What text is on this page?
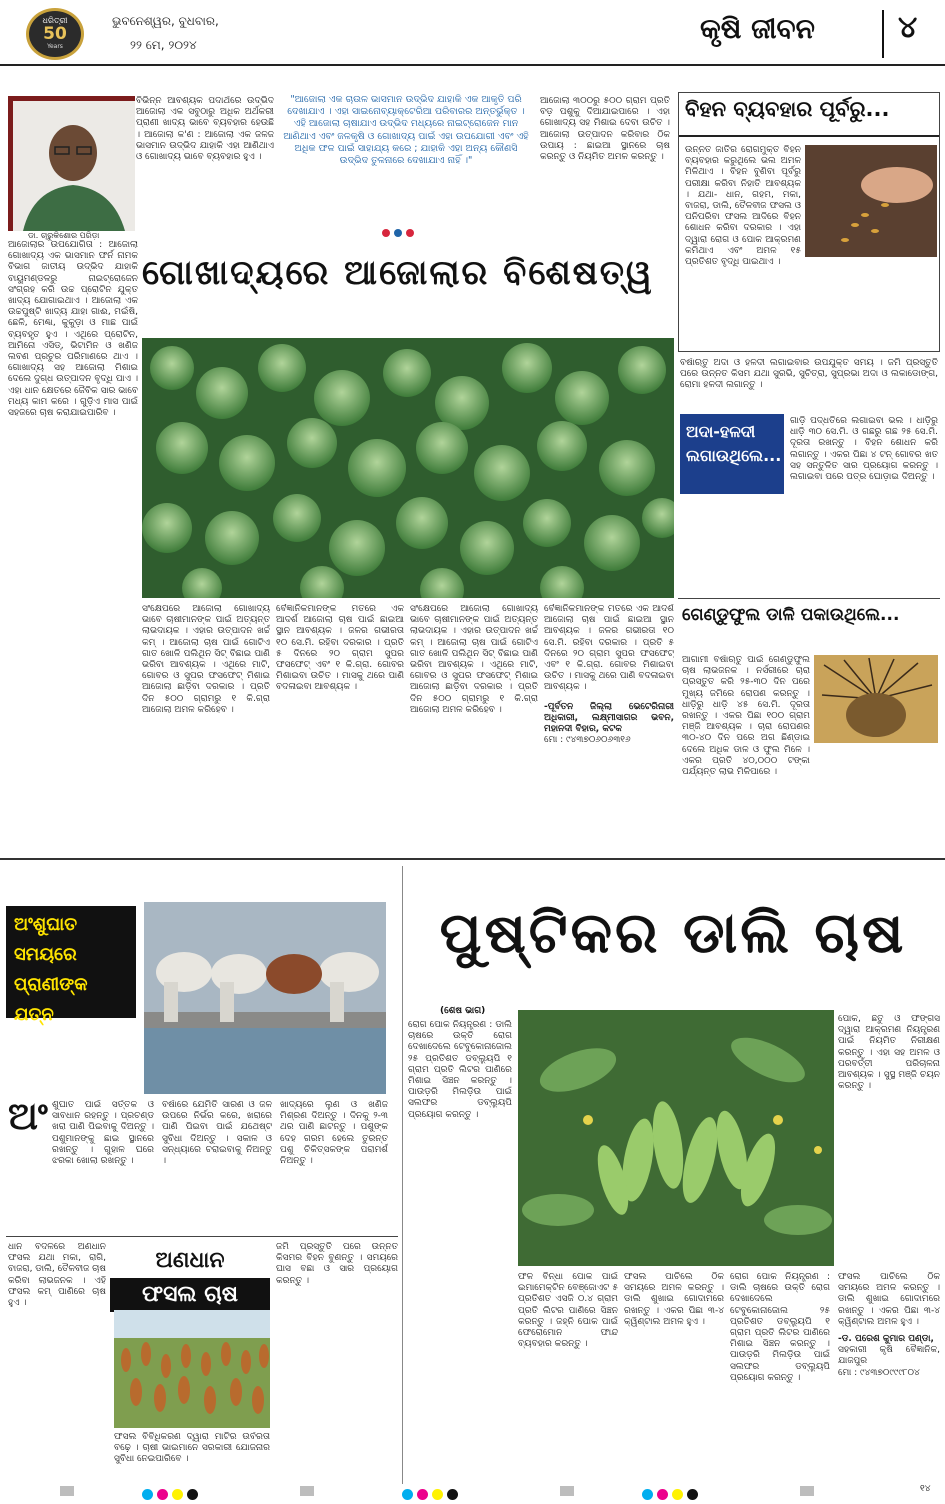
ଧରିତ୍ରୀ
50
Years
ଭୁବନେଶ୍ୱର, ବୁଧବାର,
୨୨ ମେ, ୨୦୨୪	କୃଷି ଜୀବନ	୪
ଡା. ଚାରୁକିଶୋର ପରିଡ଼ା
ବିଭିନ୍ନ ଆବଶ୍ୟକ ପଦାର୍ଥରେ ଉଦ୍ଭିଦ ଆଜୋଲା ଏକ ସବୁଠାରୁ ଅଧିକ ଅର୍ଥକରୀ ପ୍ରାଣୀ ଖାଦ୍ୟ ଭାବେ ବ୍ୟବହାର ହେଉଛି । ଆଜୋଲା କ'ଣ : ଆଜୋଲା ଏକ ଜଳଜ ଭାସମାନ ଉଦ୍ଭିଦ ଯାହାକି ଏହା ଆଣିଥାଏ ଓ ଗୋଖାଦ୍ୟ ଭାବେ ବ୍ୟବହାର ହୁଏ ।
"ଆଜୋଲା ଏକ ଚାଉଳ ଭାସମାନ ଉଦ୍ଭିଦ ଯାହାକି ଏକ ଆକୃତି ପରି ଦେଖାଯାଏ । ଏହା ସାଇନୋବ୍ୟାକ୍ଟେରିଆ ପରିବାରର ଅନ୍ତର୍ଭୁକ୍ତ । ଏହି ଆଜୋଲା ଚାଷାଯାଏ ଉଦ୍ଭିଦ ମଧ୍ୟରେ ନାଇଟ୍ରୋଜେନ ମାନ ଆଣିଥାଏ ଏବଂ ଜଳକୃଷି ଓ ଗୋଖାଦ୍ୟ ପାଇଁ ଏହା ଉପଯୋଗୀ ଏବଂ ଏହି ଅଧିକ ଫଳ ପାଇଁ ସାହାଯ୍ୟ କରେ ; ଯାହାକି ଏହା ଅନ୍ୟ କୌଣସି ଉଦ୍ଭିଦ ତୁଳନାରେ ଦେଖାଯାଏ ନାହିଁ ।"
ଆଜୋଲା ୩୦୦ରୁ ୫୦୦ ଗ୍ରାମ ପ୍ରତି ବଡ଼ ପଶୁକୁ ଦିଆଯାଇପାରେ । ଏହା ଗୋଖାଦ୍ୟ ସହ ମିଶାଇ ଦେବା ଉଚିତ । ଆଜୋଲା ଉତ୍ପାଦନ କରିବାର ଠିକ ଉପାୟ : ଛାଇଆ ସ୍ଥାନରେ ଚାଷ କରନ୍ତୁ ଓ ନିୟମିତ ଅମଳ କରନ୍ତୁ ।
ଗୋଖାଦ୍ୟରେ ଆଜୋଲାର ବିଶେଷତ୍ୱ
ଆଜୋଲାର ଉପଯୋଗିତା : ଆଜୋଲା ଗୋଖାଦ୍ୟ ଏକ ଭାସମାନ ଫର୍ନ ନାମକ ବିଭାଗ ଜାତୀୟ ଉଦ୍ଭିଦ ଯାହାକି ବାୟୁମଣ୍ଡଳରୁ ନାଇଟ୍ରୋଜେନ ସଂଗ୍ରହ କରି ଉଚ୍ଚ ପ୍ରୋଟିନ ଯୁକ୍ତ ଖାଦ୍ୟ ଯୋଗାଇଥାଏ । ଆଜୋଲା ଏକ ଉଚ୍ଚପୁଷ୍ଟି ଖାଦ୍ୟ ଯାହା ଗାଈ, ମଇଁଷି, ଛେଳି, ମେଣ୍ଢା, କୁକୁଡ଼ା ଓ ମାଛ ପାଇଁ ବ୍ୟବହୃତ ହୁଏ । ଏଥିରେ ପ୍ରୋଟିନ, ଆମିନୋ ଏସିଡ୍, ଭିଟାମିନ ଓ ଖଣିଜ ଲବଣ ପ୍ରଚୁର ପରିମାଣରେ ଥାଏ । ଗୋଖାଦ୍ୟ ସହ ଆଜୋଲା ମିଶାଇ ଦେଲେ ଦୁଗ୍ଧ ଉତ୍ପାଦନ ବୃଦ୍ଧି ପାଏ । ଏହା ଧାନ କ୍ଷେତରେ ଜୈବିକ ସାର ଭାବେ ମଧ୍ୟ କାମ କରେ । ଗୁଡ଼ିଏ ମାସ ପାଇଁ ସହଜରେ ଚାଷ କରାଯାଇପାରିବ ।
ସଂକ୍ଷେପରେ ଆଜୋଲା ଗୋଖାଦ୍ୟ ଭାବେ ଚାଷୀମାନଙ୍କ ପାଇଁ ଅତ୍ୟନ୍ତ ଲାଭଦାୟକ । ଏହାର ଉତ୍ପାଦନ ଖର୍ଚ୍ଚ କମ୍ । ଆଜୋଲା ଚାଷ ପାଇଁ ଗୋଟିଏ ଗାତ ଖୋଳି ପଲିଥିନ ସିଟ୍ ବିଛାଇ ପାଣି ଭରିବା ଆବଶ୍ୟକ । ଏଥିରେ ମାଟି, ଗୋବର ଓ ସୁପର ଫସଫେଟ୍ ମିଶାଇ ଆଜୋଲା ଛାଡ଼ିବା ଦରକାର । ପ୍ରତି ଦିନ ୫୦୦ ଗ୍ରାମରୁ ୧ କି.ଗ୍ରା ଆଜୋଲା ଅମଳ କରିହେବ ।
ବୈଜ୍ଞାନିକମାନଙ୍କ ମତରେ ଏକ ଆଦର୍ଶ ଆଜୋଲା ଚାଷ ପାଇଁ ଛାଇଆ ସ୍ଥାନ ଆବଶ୍ୟକ । ଜଳର ଗଭୀରତା ୧୦ ସେ.ମି. ରହିବା ଦରକାର । ପ୍ରତି ୫ ଦିନରେ ୨୦ ଗ୍ରାମ ସୁପର ଫସଫେଟ୍ ଏବଂ ୧ କି.ଗ୍ରା. ଗୋବର ମିଶାଇବା ଉଚିତ । ମାସକୁ ଥରେ ପାଣି ବଦଳାଇବା ଆବଶ୍ୟକ ।

ସଂକ୍ଷେପରେ ଆଜୋଲା ଗୋଖାଦ୍ୟ ଭାବେ ଚାଷୀମାନଙ୍କ ପାଇଁ ଅତ୍ୟନ୍ତ ଲାଭଦାୟକ । ଏହାର ଉତ୍ପାଦନ ଖର୍ଚ୍ଚ କମ୍ । ଆଜୋଲା ଚାଷ ପାଇଁ ଗୋଟିଏ ଗାତ ଖୋଳି ପଲିଥିନ ସିଟ୍ ବିଛାଇ ପାଣି ଭରିବା ଆବଶ୍ୟକ । ଏଥିରେ ମାଟି, ଗୋବର ଓ ସୁପର ଫସଫେଟ୍ ମିଶାଇ ଆଜୋଲା ଛାଡ଼ିବା ଦରକାର । ପ୍ରତି ଦିନ ୫୦୦ ଗ୍ରାମରୁ ୧ କି.ଗ୍ରା ଆଜୋଲା ଅମଳ କରିହେବ ।

ବୈଜ୍ଞାନିକମାନଙ୍କ ମତରେ ଏକ ଆଦର୍ଶ ଆଜୋଲା ଚାଷ ପାଇଁ ଛାଇଆ ସ୍ଥାନ ଆବଶ୍ୟକ । ଜଳର ଗଭୀରତା ୧୦ ସେ.ମି. ରହିବା ଦରକାର । ପ୍ରତି ୫ ଦିନରେ ୨୦ ଗ୍ରାମ ସୁପର ଫସଫେଟ୍ ଏବଂ ୧ କି.ଗ୍ରା. ଗୋବର ମିଶାଇବା ଉଚିତ । ମାସକୁ ଥରେ ପାଣି ବଦଳାଇବା ଆବଶ୍ୟକ ।

-ପୂର୍ବତନ ଜିଲ୍ଲା ଭେଟେରିନାରୀ ଅଧିକାରୀ, ଲକ୍ଷ୍ମୀସାଗର ଭବନ, ମହାନଦୀ ବିହାର, କଟକ

ମୋ : ୯୪୩୭୦୬୦୬୩୧୬

ବିହନ ବ୍ୟବହାର ପୂର୍ବରୁ...
ଉନ୍ନତ ଜାତିର ରୋଗମୁକ୍ତ ବିହନ ବ୍ୟବହାର କରୁଥିଲେ ଭଲ ଅମଳ ମିଳିଥାଏ । ବିହନ ବୁଣିବା ପୂର୍ବରୁ ପରୀକ୍ଷା କରିବା ନିହାତି ଆବଶ୍ୟକ । ଯଥା- ଧାନ, ଗହମ, ମକା, ବାଜରା, ଡାଲି, ତୈଳବୀଜ ଫସଲ ଓ ପନିପରିବା ଫସଲ ଆଦିରେ ବିହନ ଶୋଧନ କରିବା ଦରକାର । ଏହା ଦ୍ୱାରା ରୋଗ ଓ ପୋକ ଆକ୍ରମଣ କମିଥାଏ ଏବଂ ଅମଳ ୧୫ ପ୍ରତିଶତ ବୃଦ୍ଧି ପାଇଥାଏ ।
ବର୍ଷାଋତୁ ଅଦା ଓ ହଳଦୀ ଲଗାଇବାର ଉପଯୁକ୍ତ ସମୟ । ଜମି ପ୍ରସ୍ତୁତି ପରେ ଉନ୍ନତ କିସମ ଯଥା ସୁରଭି, ସୁଚିତ୍ରା, ସୁପ୍ରଭା ଅଦା ଓ ଲକାଡୋଙ୍ଗ, ରୋମା ହଳଦୀ ଲଗାନ୍ତୁ ।
ଅଦା-ହଳଦୀ ଲଗାଉଥିଲେ...
ଗାଡ଼ି ପଦ୍ଧତିରେ ଲଗାଇବା ଭଲ । ଧାଡ଼ିରୁ ଧାଡ଼ି ୩୦ ସେ.ମି. ଓ ଗଛରୁ ଗଛ ୨୫ ସେ.ମି. ଦୂରତା ରଖନ୍ତୁ । ବିହନ ଶୋଧନ କରି ଲଗାନ୍ତୁ । ଏକର ପିଛା ୪ ଟନ୍ ଗୋବର ଖତ ସହ ସନ୍ତୁଳିତ ସାର ପ୍ରୟୋଗ କରନ୍ତୁ । ଲଗାଇବା ପରେ ପତ୍ର ଘୋଡ଼ାଇ ଦିଅନ୍ତୁ ।
ଗେଣ୍ଡୁଫୁଲ ଡାଳି ପକାଉଥିଲେ...
ଆଗାମୀ ବର୍ଷାଋତୁ ପାଇଁ ଗେଣ୍ଡୁଫୁଲ ଚାଷ ଲାଭଜନକ । ନର୍ସରୀରେ ଚାରା ପ୍ରସ୍ତୁତ କରି ୨୫-୩୦ ଦିନ ପରେ ମୁଖ୍ୟ ଜମିରେ ରୋପଣ କରନ୍ତୁ । ଧାଡ଼ିରୁ ଧାଡ଼ି ୪୫ ସେ.ମି. ଦୂରତା ରଖନ୍ତୁ । ଏକର ପିଛା ୧୦୦ ଗ୍ରାମ ମଞ୍ଜି ଆବଶ୍ୟକ । ଚାରା ରୋପଣର ୩୦-୪୦ ଦିନ ପରେ ଅଗ ଛିଣ୍ଡାଇ ଦେଲେ ଅଧିକ ଡାଳ ଓ ଫୁଲ ମିଳେ । ଏକର ପ୍ରତି ୪୦,୦୦୦ ଟଙ୍କା ପର୍ଯ୍ୟନ୍ତ ଲାଭ ମିଳିପାରେ ।
ଅଂଶୁଘାତ
ସମୟରେ
ପ୍ରାଣୀଙ୍କ ଯତ୍ନ
ଅଂ ଶୁଘାତ ପାଇଁ ସର୍ତ୍ତକ ଓ ସାବଧାନ ରହନ୍ତୁ । ପ୍ରଚଣ୍ଡ ଖରା ପାଣି ପିଇବାକୁ ଦିଅନ୍ତୁ । ପଶୁମାନଙ୍କୁ ଛାଇ ସ୍ଥାନରେ ରଖନ୍ତୁ । ଗୁହାଳ ଘରେ ଝରକା ଖୋଲା ରଖନ୍ତୁ ।
ବର୍ଷାରେ ଯେମିତି ସାରଣ ଓ ଜଳ ଉପରେ ନିର୍ଭର କରେ, ଖରାରେ ପାଣି ପିଇବା ପାଇଁ ଯଥେଷ୍ଟ ସୁବିଧା ଦିଅନ୍ତୁ । ସକାଳ ଓ ସନ୍ଧ୍ୟାରେ ଚରାଇବାକୁ ନିଅନ୍ତୁ ।
ଖାଦ୍ୟରେ ଲୁଣ ଓ ଖଣିଜ ମିଶ୍ରଣ ଦିଅନ୍ତୁ । ଦିନକୁ ୨-୩ ଥର ପାଣି ଛାଟନ୍ତୁ । ପଶୁଙ୍କ ଦେହ ଗରମ ହେଲେ ତୁରନ୍ତ ପଶୁ ଚିକିତ୍ସକଙ୍କ ପରାମର୍ଶ ନିଅନ୍ତୁ ।
ଧାନ ବଦଳରେ ଅଣଧାନ ଫସଲ ଯଥା ମକା, ରାଗି, ବାଜରା, ଡାଲି, ତୈଳବୀଜ ଚାଷ କରିବା ଲାଭଜନକ । ଏହି ଫସଲ କମ୍ ପାଣିରେ ଚାଷ ହୁଏ ।
ଅଣଧାନ
ଫସଲ ଚାଷ
ଫସଲ ବିବିଧିକରଣ ଦ୍ୱାରା ମାଟିର ଉର୍ବରତା ବଢ଼େ । ଚାଷୀ ଭାଇମାନେ ସରକାରୀ ଯୋଜନାର ସୁବିଧା ନେଇପାରିବେ ।
ଜମି ପ୍ରସ୍ତୁତି ପରେ ଉନ୍ନତ କିସମର ବିହନ ବୁଣନ୍ତୁ । ସମୟରେ ଘାସ ବଛା ଓ ସାର ପ୍ରୟୋଗ କରନ୍ତୁ ।
ପୁଷ୍ଟିକର ଡାଲି ଚାଷ
(ଶେଷ ଭାଗ)
ରୋଗ ପୋକ ନିୟନ୍ତ୍ରଣ : ଡାଲି ଚାଷରେ ଉକ୍ତି ରୋଗ ଦେଖାଦେଲେ ଟେବୁକୋନାଜୋଲ ୨୫ ପ୍ରତିଶତ ଡବ୍ଲ୍ୟୁପି ୧ ଗ୍ରାମ ପ୍ରତି ଲିଟର ପାଣିରେ ମିଶାଇ ସିଞ୍ଚନ କରନ୍ତୁ । ପାଉଡ଼ରି ମିଲଡ଼ିଉ ପାଇଁ ସଲଫର ଡବ୍ଲ୍ୟୁପି ପ୍ରୟୋଗ କରନ୍ତୁ ।
ପୋକ, ଛତୁ ଓ ଫଙ୍ଗସ ଦ୍ୱାରା ଆକ୍ରମଣ ନିୟନ୍ତ୍ରଣ ପାଇଁ ନିୟମିତ ନିରୀକ୍ଷଣ କରନ୍ତୁ । ଏହା ସହ ଅମଳ ଓ ପରବର୍ତ୍ତୀ ପରିଚାଳନା ଆବଶ୍ୟକ । ସୁସ୍ଥ ମଞ୍ଜି ଚୟନ କରନ୍ତୁ ।
ଫଳ ବିନ୍ଧା ପୋକ ପାଇଁ ଇମାମେକ୍ଟିନ ବେଞ୍ଜୋଏଟ ୫ ପ୍ରତିଶତ ଏସଜି ୦.୪ ଗ୍ରାମ ପ୍ରତି ଲିଟର ପାଣିରେ ସିଞ୍ଚନ କରନ୍ତୁ । ଜହ୍ନି ପୋକ ପାଇଁ ଫେରୋମୋନ ଫାନ୍ଦ ବ୍ୟବହାର କରନ୍ତୁ ।
ଫସଲ ପାଚିଲେ ଠିକ ସମୟରେ ଅମଳ କରନ୍ତୁ । ଡାଲି ଶୁଖାଇ ଗୋଦାମରେ ରଖନ୍ତୁ । ଏକର ପିଛା ୩-୪ କ୍ୱିଣ୍ଟାଲ ଅମଳ ହୁଏ ।
ରୋଗ ପୋକ ନିୟନ୍ତ୍ରଣ : ଡାଲି ଚାଷରେ ଉକ୍ତି ରୋଗ ଦେଖାଦେଲେ ଟେବୁକୋନାଜୋଲ ୨୫ ପ୍ରତିଶତ ଡବ୍ଲ୍ୟୁପି ୧ ଗ୍ରାମ ପ୍ରତି ଲିଟର ପାଣିରେ ମିଶାଇ ସିଞ୍ଚନ କରନ୍ତୁ । ପାଉଡ଼ରି ମିଲଡ଼ିଉ ପାଇଁ ସଲଫର ଡବ୍ଲ୍ୟୁପି ପ୍ରୟୋଗ କରନ୍ତୁ ।

ଫସଲ ପାଚିଲେ ଠିକ ସମୟରେ ଅମଳ କରନ୍ତୁ । ଡାଲି ଶୁଖାଇ ଗୋଦାମରେ ରଖନ୍ତୁ । ଏକର ପିଛା ୩-୪ କ୍ୱିଣ୍ଟାଲ ଅମଳ ହୁଏ ।

-ଡ. ପରେଶ କୁମାର ପଣ୍ଡା,

ସହକାରୀ କୃଷି ବୈଜ୍ଞାନିକ, ଯାଜପୁର

ମୋ : ୯୪୩୭୦୯୯୯୮୦୪

୧୪
